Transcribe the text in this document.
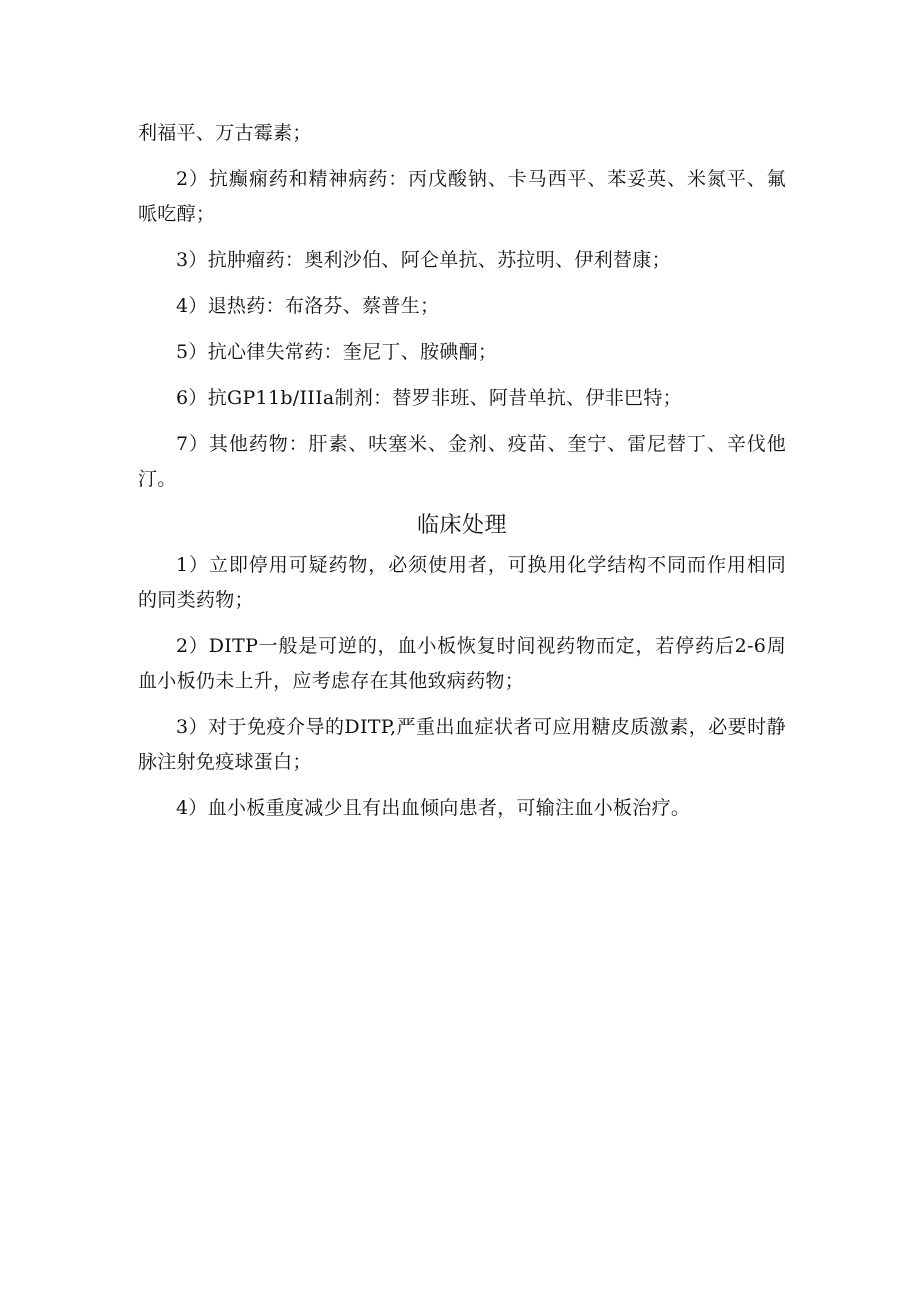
利福平、万古霉素；

2）抗癫痫药和精神病药：丙戊酸钠、卡马西平、苯妥英、米氮平、氟哌吃醇；

3）抗肿瘤药：奥利沙伯、阿仑单抗、苏拉明、伊利替康；

4）退热药：布洛芬、蔡普生；

5）抗心律失常药：奎尼丁、胺碘酮；

6）抗GP11b/IIIa制剂：替罗非班、阿昔单抗、伊非巴特；

7）其他药物：肝素、呋塞米、金剂、疫苗、奎宁、雷尼替丁、辛伐他汀。

临床处理

1）立即停用可疑药物，必须使用者，可换用化学结构不同而作用相同的同类药物；

2）DITP一般是可逆的，血小板恢复时间视药物而定，若停药后2-6周血小板仍未上升，应考虑存在其他致病药物；

3）对于免疫介导的DITP,严重出血症状者可应用糖皮质激素，必要时静脉注射免疫球蛋白；

4）血小板重度减少且有出血倾向患者，可输注血小板治疗。
